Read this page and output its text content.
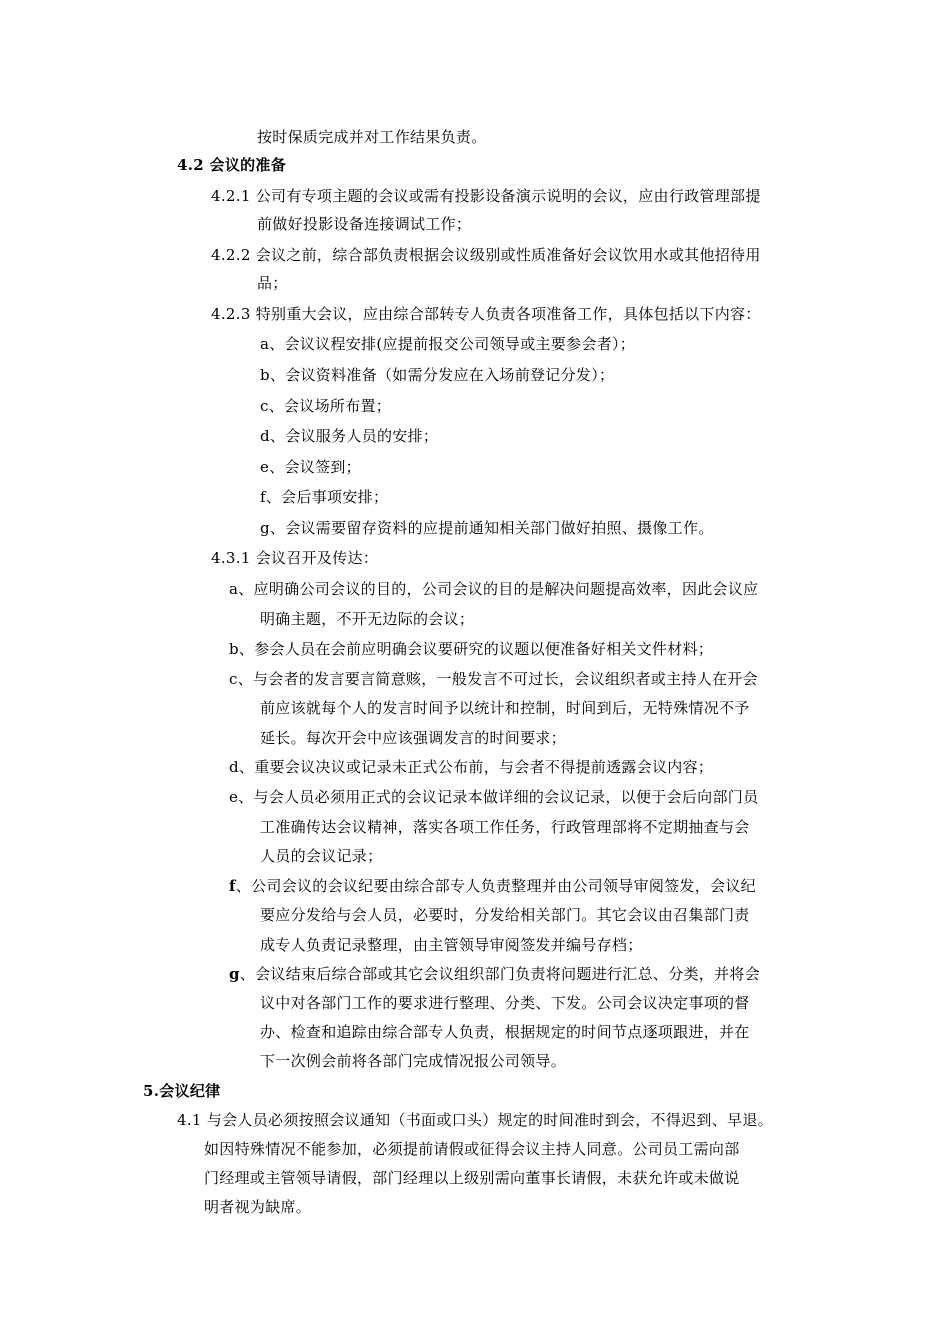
按时保质完成并对工作结果负责。
4.2 会议的准备
4.2.1 公司有专项主题的会议或需有投影设备演示说明的会议，应由行政管理部提
前做好投影设备连接调试工作；
4.2.2 会议之前，综合部负责根据会议级别或性质准备好会议饮用水或其他招待用
品；
4.2.3 特别重大会议，应由综合部转专人负责各项准备工作，具体包括以下内容：
a、会议议程安排(应提前报交公司领导或主要参会者）；
b、会议资料准备（如需分发应在入场前登记分发）；
c、会议场所布置；
d、会议服务人员的安排；
e、会议签到；
f、会后事项安排；
g、会议需要留存资料的应提前通知相关部门做好拍照、摄像工作。
4.3.1 会议召开及传达：
a、应明确公司会议的目的，公司会议的目的是解决问题提高效率，因此会议应
明确主题，不开无边际的会议；
b、参会人员在会前应明确会议要研究的议题以便准备好相关文件材料；
c、与会者的发言要言简意赅，一般发言不可过长，会议组织者或主持人在开会
前应该就每个人的发言时间予以统计和控制，时间到后，无特殊情况不予
延长。每次开会中应该强调发言的时间要求；
d、重要会议决议或记录未正式公布前，与会者不得提前透露会议内容；
e、与会人员必须用正式的会议记录本做详细的会议记录，以便于会后向部门员
工准确传达会议精神，落实各项工作任务，行政管理部将不定期抽查与会
人员的会议记录；
f、公司会议的会议纪要由综合部专人负责整理并由公司领导审阅签发，会议纪
要应分发给与会人员，必要时，分发给相关部门。其它会议由召集部门责
成专人负责记录整理，由主管领导审阅签发并编号存档；
g、会议结束后综合部或其它会议组织部门负责将问题进行汇总、分类，并将会
议中对各部门工作的要求进行整理、分类、下发。公司会议决定事项的督
办、检查和追踪由综合部专人负责，根据规定的时间节点逐项跟进，并在
下一次例会前将各部门完成情况报公司领导。
5.会议纪律
4.1 与会人员必须按照会议通知（书面或口头）规定的时间准时到会，不得迟到、早退。
如因特殊情况不能参加，必须提前请假或征得会议主持人同意。公司员工需向部
门经理或主管领导请假，部门经理以上级别需向董事长请假，未获允许或未做说
明者视为缺席。
